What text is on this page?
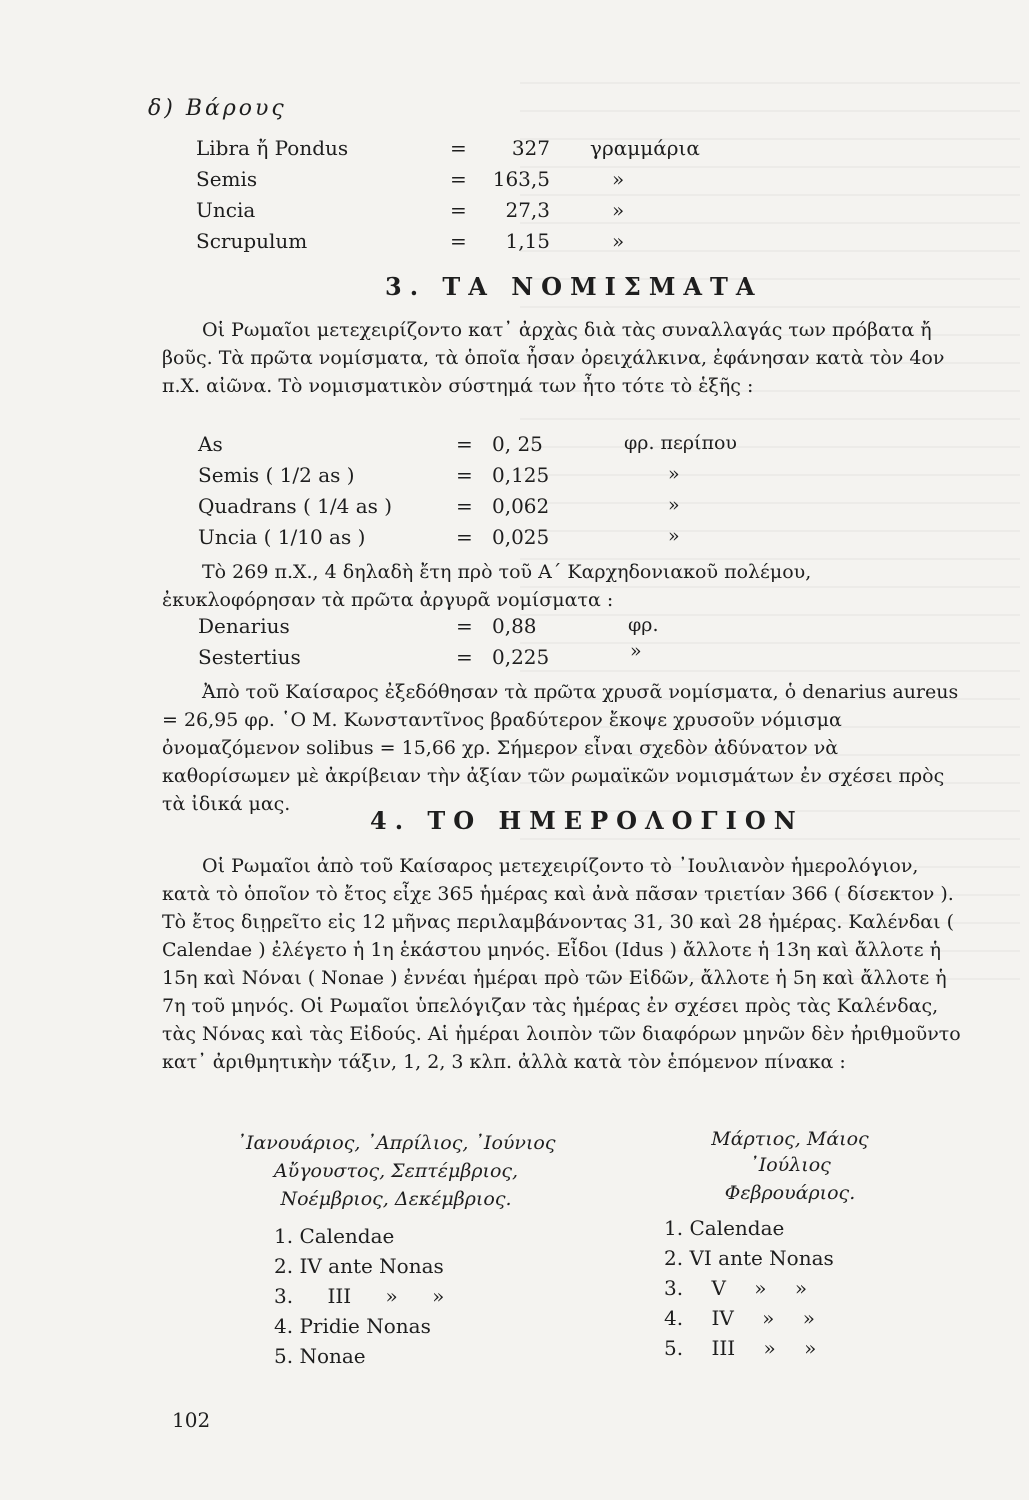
δ) Βάρους
Libra ἤ Pondus	=	327 γραμμάρια
Semis	= 163,5	»
Uncia	=	27,3	»
Scrupulum	=	1,15	»
3. ΤΑ ΝΟΜΙΣΜΑΤΑ
Οἱ Ρωμαῖοι μετεχειρίζοντο κατ᾽ ἀρχὰς διὰ τὰς συναλλαγάς των πρόβατα ἤ βοῦς. Τὰ πρῶτα νομίσματα, τὰ ὁποῖα ἦσαν ὀρειχάλκινα, ἐφάνησαν κατὰ τὸν 4ον π.Χ. αἰῶνα. Τὸ νομισματικὸν σύστημά των ἦτο τότε τὸ ἑξῆς :
As	= 0, 25	φρ. περίπου
Semis ( 1/2 as )	= 0,125	»
Quadrans ( 1/4 as )	= 0,062	»
Uncia ( 1/10 as )	= 0,025	»
Τὸ 269 π.Χ., 4 δηλαδὴ ἔτη πρὸ τοῦ Α΄ Καρχηδονιακοῦ πολέμου, ἐκυκλοφόρησαν τὰ πρῶτα ἀργυρᾶ νομίσματα :
Denarius	= 0,88	φρ.
Sestertius	= 0,225	»
Ἀπὸ τοῦ Καίσαρος ἐξεδόθησαν τὰ πρῶτα χρυσᾶ νομίσματα, ὁ denarius aureus = 26,95 φρ. ῾Ο Μ. Κωνσταντῖνος βραδύτερον ἔκοψε χρυσοῦν νόμισμα ὀνομαζόμενον solibus = 15,66 χρ. Σήμερον εἶναι σχεδὸν ἀδύνατον νὰ καθορίσωμεν μὲ ἀκρίβειαν τὴν ἀξίαν τῶν ρωμαϊκῶν νομισμάτων ἐν σχέσει πρὸς τὰ ἰδικά μας.
4. ΤΟ ΗΜΕΡΟΛΟΓΙΟΝ
Οἱ Ρωμαῖοι ἀπὸ τοῦ Καίσαρος μετεχειρίζοντο τὸ ᾿Ιουλιανὸν ἡμερολόγιον, κατὰ τὸ ὁποῖον τὸ ἔτος εἶχε 365 ἡμέρας καὶ ἀνὰ πᾶσαν τριετίαν 366 ( δίσεκτον ). Τὸ ἔτος διῃρεῖτο εἰς 12 μῆνας περιλαμβάνοντας 31, 30 καὶ 28 ἡμέρας. Καλένδαι ( Calendae ) ἐλέγετο ἡ 1η ἑκάστου μηνός. Εἶδοι (Idus ) ἄλλοτε ἡ 13η καὶ ἄλλοτε ἡ 15η καὶ Νόναι ( Nonae ) ἐννέαι ἡμέραι πρὸ τῶν Εἰδῶν, ἄλλοτε ἡ 5η καὶ ἄλλοτε ἡ 7η τοῦ μηνός. Οἱ Ρωμαῖοι ὑπελόγιζαν τὰς ἡμέρας ἐν σχέσει πρὸς τὰς Καλένδας, τὰς Νόνας καὶ τὰς Εἰδούς. Αἱ ἡμέραι λοιπὸν τῶν διαφόρων μηνῶν δὲν ἠριθμοῦντο κατ᾽ ἀριθμητικὴν τάξιν, 1, 2, 3 κλπ. ἀλλὰ κατὰ τὸν ἑπόμενον πίνακα :
᾿Ιανουάριος, ᾿Απρίλιος, ᾿Ιούνιος
Αὔγουστος, Σεπτέμβριος,
Νοέμβριος, Δεκέμβριος.
1. Calendae
2. IV ante Nonas
3. III » »
4. Pridie Nonas
5. Nonae
Μάρτιος, Μάιος
᾿Ιούλιος
Φεβρουάριος.
1. Calendae
2. VI ante Nonas
3. V » »
4. IV » »
5. III » »
102
